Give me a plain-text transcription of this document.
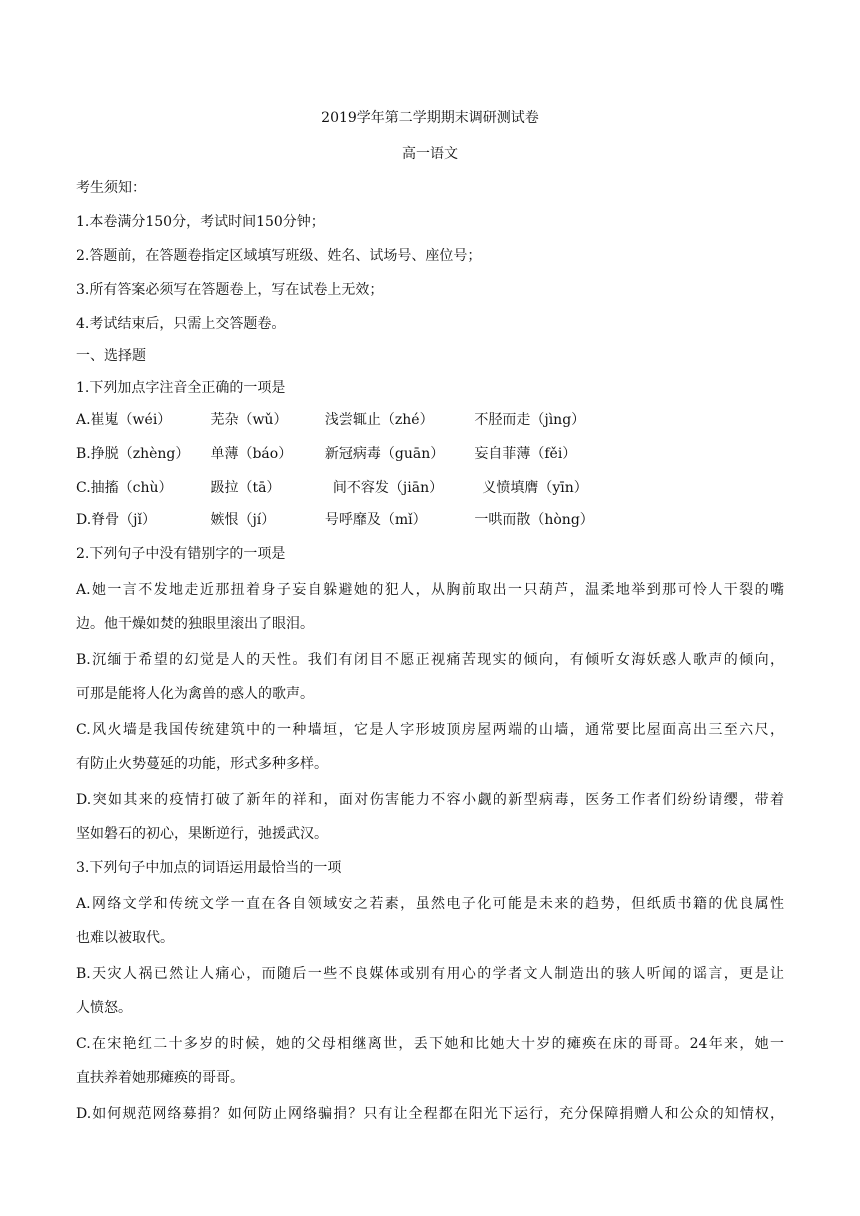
2019学年第二学期期末调研测试卷
高一语文
考生须知：
1.本卷满分150分，考试时间150分钟；
2.答题前，在答题卷指定区域填写班级、姓名、试场号、座位号；
3.所有答案必须写在答题卷上，写在试卷上无效；
4.考试结束后，只需上交答题卷。
一、选择题
1.下列加点字注音全正确的一项是
A.崔嵬（wéi）	芜杂（wǔ）	浅尝辄止（zhé）	不胫而走（jìng）
B.挣脱（zhèng） 单薄（báo） 新冠病毒（guān） 妄自菲薄（fěi）
C.抽搐（chù）	趿拉（tā）	间不容发（jiān）	义愤填膺（yīn）
D.脊骨（jǐ）	嫉恨（jí）	号呼靡及（mǐ）	一哄而散（hòng）
2.下列句子中没有错别字的一项是
A.她一言不发地走近那扭着身子妄自躲避她的犯人，从胸前取出一只葫芦，温柔地举到那可怜人干裂的嘴
边。他干燥如焚的独眼里滚出了眼泪。
B.沉缅于希望的幻觉是人的天性。我们有闭目不愿正视痛苦现实的倾向，有倾听女海妖惑人歌声的倾向，
可那是能将人化为禽兽的惑人的歌声。
C.风火墙是我国传统建筑中的一种墙垣，它是人字形坡顶房屋两端的山墙，通常要比屋面高出三至六尺，
有防止火势蔓延的功能，形式多种多样。
D.突如其来的疫情打破了新年的祥和，面对伤害能力不容小觑的新型病毒，医务工作者们纷纷请缨，带着
坚如磐石的初心，果断逆行，弛援武汉。
3.下列句子中加点的词语运用最恰当的一项
A.网络文学和传统文学一直在各自领域安之若素，虽然电子化可能是未来的趋势，但纸质书籍的优良属性
也难以被取代。
B.天灾人祸已然让人痛心，而随后一些不良媒体或别有用心的学者文人制造出的骇人听闻的谣言，更是让
人愤怒。
C.在宋艳红二十多岁的时候，她的父母相继离世，丢下她和比她大十岁的瘫痪在床的哥哥。24年来，她一
直扶养着她那瘫痪的哥哥。
D.如何规范网络募捐？如何防止网络骗捐？只有让全程都在阳光下运行，充分保障捐赠人和公众的知情权，
